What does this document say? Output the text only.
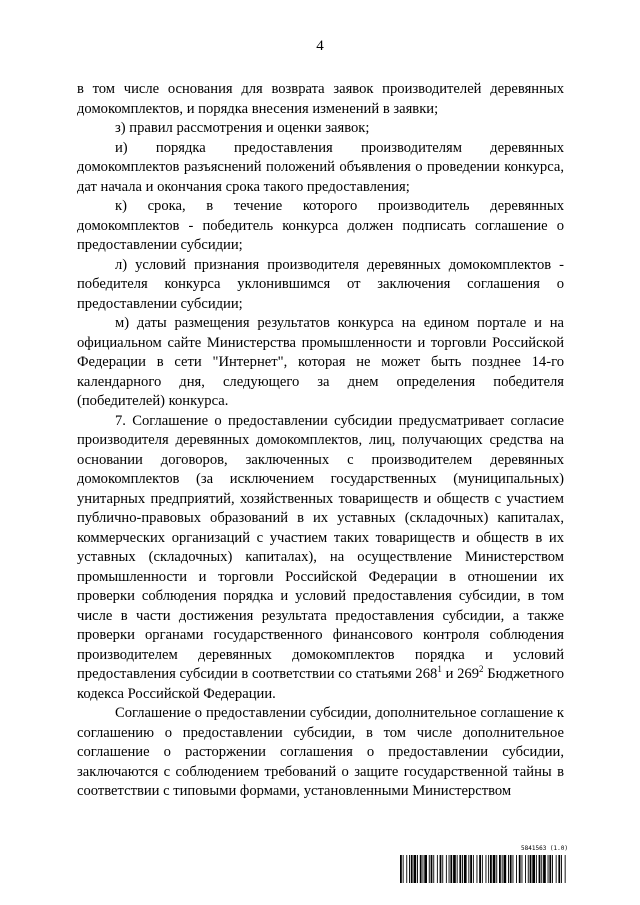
4

в том числе основания для возврата заявок производителей деревянных домокомплектов, и порядка внесения изменений в заявки;

з) правил рассмотрения и оценки заявок;

и) порядка предоставления производителям деревянных домокомплектов разъяснений положений объявления о проведении конкурса, дат начала и окончания срока такого предоставления;

к) срока, в течение которого производитель деревянных домокомплектов - победитель конкурса должен подписать соглашение о предоставлении субсидии;

л) условий признания производителя деревянных домокомплектов - победителя конкурса уклонившимся от заключения соглашения о предоставлении субсидии;

м) даты размещения результатов конкурса на едином портале и на официальном сайте Министерства промышленности и торговли Российской Федерации в сети "Интернет", которая не может быть позднее 14-го календарного дня, следующего за днем определения победителя (победителей) конкурса.

7. Соглашение о предоставлении субсидии предусматривает согласие производителя деревянных домокомплектов, лиц, получающих средства на основании договоров, заключенных с производителем деревянных домокомплектов (за исключением государственных (муниципальных) унитарных предприятий, хозяйственных товариществ и обществ с участием публично-правовых образований в их уставных (складочных) капиталах, коммерческих организаций с участием таких товариществ и обществ в их уставных (складочных) капиталах), на осуществление Министерством промышленности и торговли Российской Федерации в отношении их проверки соблюдения порядка и условий предоставления субсидии, в том числе в части достижения результата предоставления субсидии, а также проверки органами государственного финансового контроля соблюдения производителем деревянных домокомплектов порядка и условий предоставления субсидии в соответствии со статьями $268^1$ и $269^2$ Бюджетного кодекса Российской Федерации.

Соглашение о предоставлении субсидии, дополнительное соглашение к соглашению о предоставлении субсидии, в том числе дополнительное соглашение о расторжении соглашения о предоставлении субсидии, заключаются с соблюдением требований о защите государственной тайны в соответствии с типовыми формами, установленными Министерством

5841563 (1.0)
